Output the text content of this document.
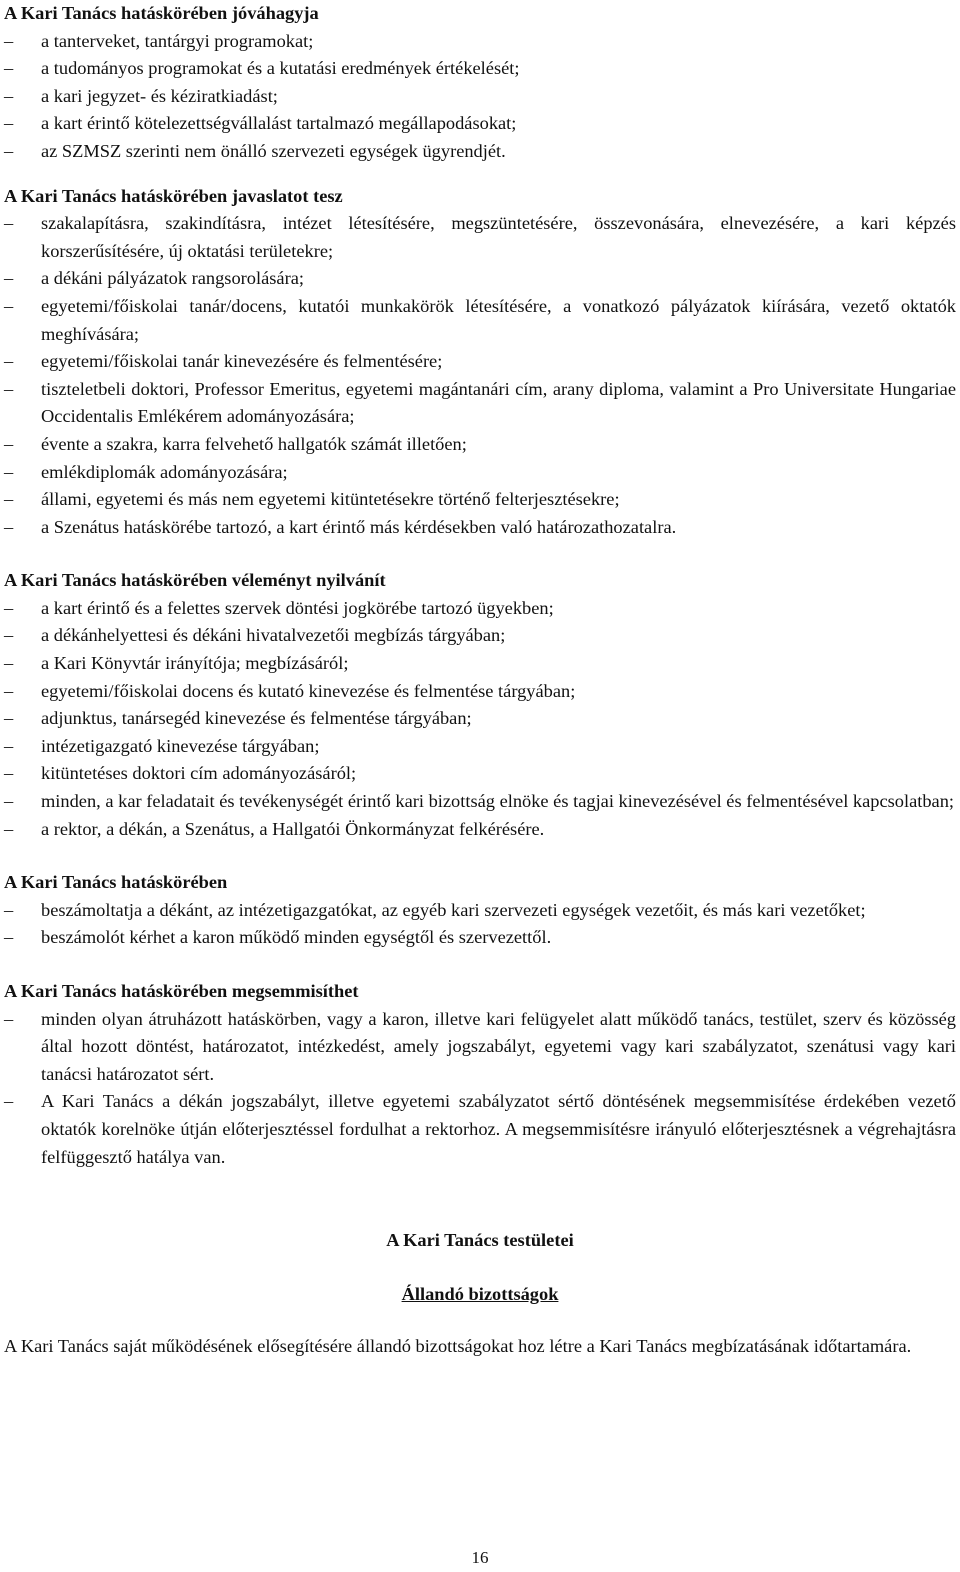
A Kari Tanács hatáskörében jóváhagyja

–	a tanterveket, tantárgyi programokat;
–	a tudományos programokat és a kutatási eredmények értékelését;
–	a kari jegyzet- és kéziratkiadást;
–	a kart érintő kötelezettségvállalást tartalmazó megállapodásokat;
–	az SZMSZ szerinti nem önálló szervezeti egységek ügyrendjét.

A Kari Tanács hatáskörében javaslatot tesz

–	szakalapításra, szakindításra, intézet létesítésére, megszüntetésére, összevonására, elnevezésére, a kari képzés korszerűsítésére, új oktatási területekre;
–	a dékáni pályázatok rangsorolására;
–	egyetemi/főiskolai tanár/docens, kutatói munkakörök létesítésére, a vonatkozó pályázatok kiírására, vezető oktatók meghívására;
–	egyetemi/főiskolai tanár kinevezésére és felmentésére;
–	tiszteletbeli doktori, Professor Emeritus, egyetemi magántanári cím, arany diploma, valamint a Pro Universitate Hungariae Occidentalis Emlékérem adományozására;
–	évente a szakra, karra felvehető hallgatók számát illetően;
–	emlékdiplomák adományozására;
–	állami, egyetemi és más nem egyetemi kitüntetésekre történő felterjesztésekre;
–	a Szenátus hatáskörébe tartozó, a kart érintő más kérdésekben való határozathozatalra.

A Kari Tanács hatáskörében véleményt nyilvánít

–	a kart érintő és a felettes szervek döntési jogkörébe tartozó ügyekben;
–	a dékánhelyettesi és dékáni hivatalvezetői megbízás tárgyában;
–	a Kari Könyvtár irányítója; megbízásáról;
–	egyetemi/főiskolai docens és kutató kinevezése és felmentése tárgyában;
–	adjunktus, tanársegéd kinevezése és felmentése tárgyában;
–	intézetigazgató kinevezése tárgyában;
–	kitüntetéses doktori cím adományozásáról;
–	minden, a kar feladatait és tevékenységét érintő kari bizottság elnöke és tagjai kinevezésével és felmentésével kapcsolatban;
–	a rektor, a dékán, a Szenátus, a Hallgatói Önkormányzat felkérésére.

A Kari Tanács hatáskörében

–	beszámoltatja a dékánt, az intézetigazgatókat, az egyéb kari szervezeti egységek vezetőit, és más kari vezetőket;
–	beszámolót kérhet a karon működő minden egységtől és szervezettől.

A Kari Tanács hatáskörében megsemmisíthet

–	minden olyan átruházott hatáskörben, vagy a karon, illetve kari felügyelet alatt működő tanács, testület, szerv és közösség által hozott döntést, határozatot, intézkedést, amely jogszabályt, egyetemi vagy kari szabályzatot, szenátusi vagy kari tanácsi határozatot sért.
–	A Kari Tanács a dékán jogszabályt, illetve egyetemi szabályzatot sértő döntésének megsemmisítése érdekében vezető oktatók korelnöke útján előterjesztéssel fordulhat a rektorhoz. A megsemmisítésre irányuló előterjesztésnek a végrehajtásra felfüggesztő hatálya van.

A Kari Tanács testületei

Állandó bizottságok

A Kari Tanács saját működésének elősegítésére állandó bizottságokat hoz létre a Kari Tanács megbízatásának időtartamára.

16
